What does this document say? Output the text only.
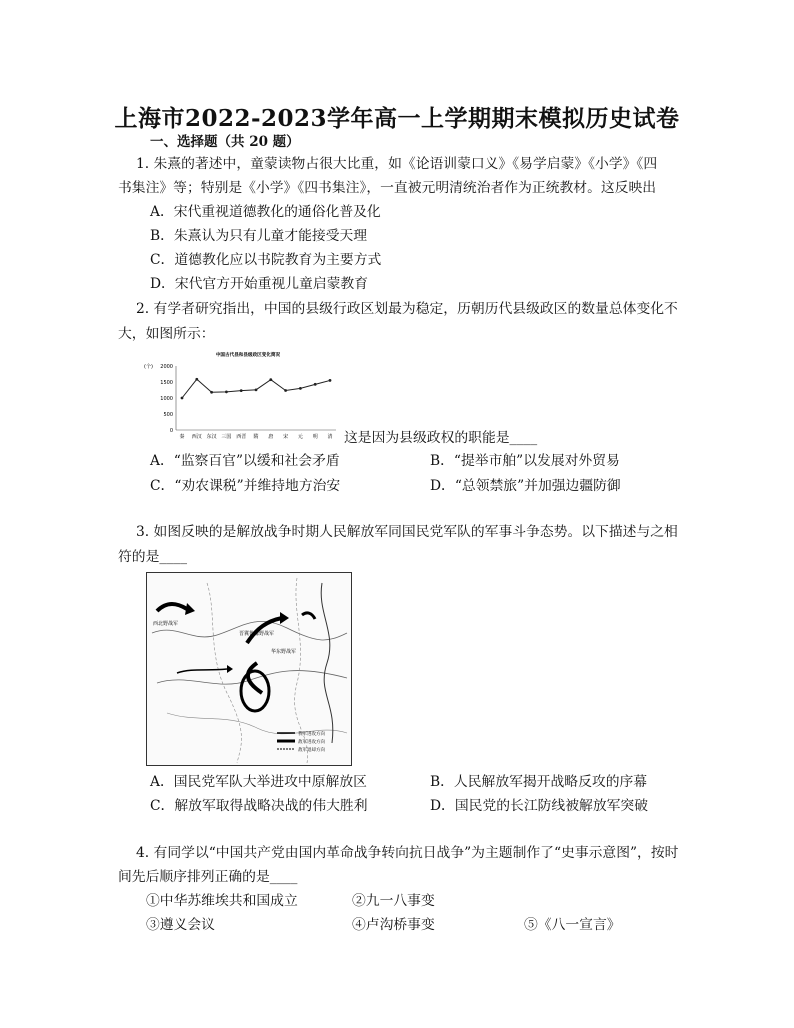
上海市2022-2023学年高一上学期期末模拟历史试卷
一、选择题（共 20 题）
1. 朱熹的著述中，童蒙读物占很大比重，如《论语训蒙口义》《易学启蒙》《小学》《四
书集注》等；特别是《小学》《四书集注》，一直被元明清统治者作为正统教材。这反映出
A．宋代重视道德教化的通俗化普及化
B．朱熹认为只有儿童才能接受天理
C．道德教化应以书院教育为主要方式
D．宋代官方开始重视儿童启蒙教育
2. 有学者研究指出，中国的县级行政区划最为稳定，历朝历代县级政区的数量总体变化不
大，如图所示：
中国古代县和县级政区变化简况
(个)
0
500
1000
1500
2000
秦 西汉 东汉 三国 西晋 隋 唐 宋 元 明 清 这是因为县级政权的职能是____
A．“监察百官”以缓和社会矛盾	B．“提举市舶”以发展对外贸易
C．“劝农课税”并维持地方治安	D．“总领禁旅”并加强边疆防御
3. 如图反映的是解放战争时期人民解放军同国民党军队的军事斗争态势。以下描述与之相
符的是____
西北野战军
晋冀鲁豫野战军
华东野战军
我军进攻方向
敌军进攻方向
敌军退却方向
A．国民党军队大举进攻中原解放区	B．人民解放军揭开战略反攻的序幕
C．解放军取得战略决战的伟大胜利	D．国民党的长江防线被解放军突破
4. 有同学以“中国共产党由国内革命战争转向抗日战争”为主题制作了“史事示意图”，按时
间先后顺序排列正确的是____
①中华苏维埃共和国成立	②九一八事变
③遵义会议	④卢沟桥事变	⑤《八一宣言》
